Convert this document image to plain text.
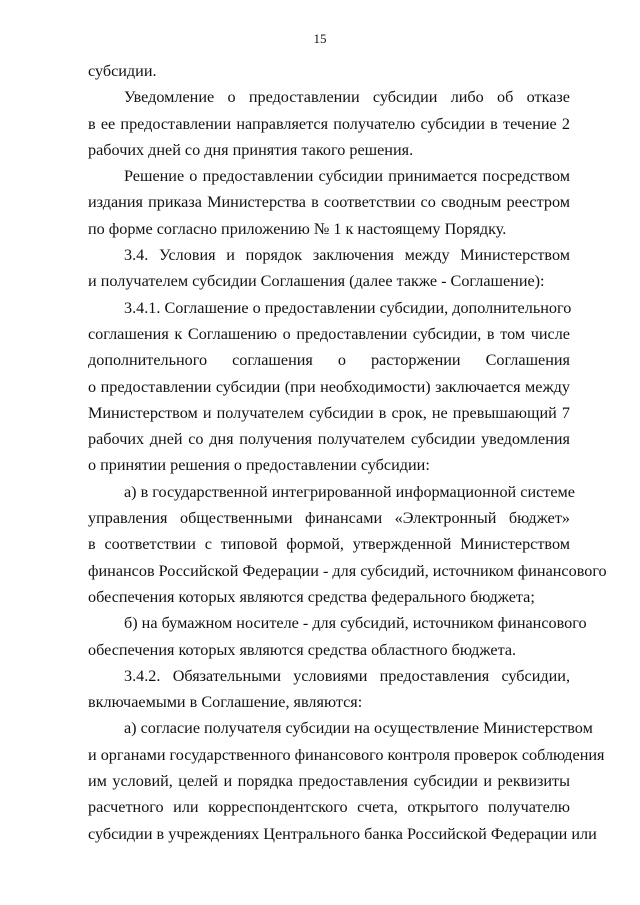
15
субсидии.
Уведомление о предоставлении субсидии либо об отказе
в ее предоставлении направляется получателю субсидии в течение 2
рабочих дней со дня принятия такого решения.
Решение о предоставлении субсидии принимается посредством
издания приказа Министерства в соответствии со сводным реестром
по форме согласно приложению № 1 к настоящему Порядку.
3.4. Условия и порядок заключения между Министерством
и получателем субсидии Соглашения (далее также - Соглашение):
3.4.1. Соглашение о предоставлении субсидии, дополнительного
соглашения к Соглашению о предоставлении субсидии, в том числе
дополнительного соглашения о расторжении Соглашения
о предоставлении субсидии (при необходимости) заключается между
Министерством и получателем субсидии в срок, не превышающий 7
рабочих дней со дня получения получателем субсидии уведомления
о принятии решения о предоставлении субсидии:
а) в государственной интегрированной информационной системе
управления общественными финансами «Электронный бюджет»
в соответствии с типовой формой, утвержденной Министерством
финансов Российской Федерации - для субсидий, источником финансового
обеспечения которых являются средства федерального бюджета;
б) на бумажном носителе - для субсидий, источником финансового
обеспечения которых являются средства областного бюджета.
3.4.2. Обязательными условиями предоставления субсидии,
включаемыми в Соглашение, являются:
а) согласие получателя субсидии на осуществление Министерством
и органами государственного финансового контроля проверок соблюдения
им условий, целей и порядка предоставления субсидии и реквизиты
расчетного или корреспондентского счета, открытого получателю
субсидии в учреждениях Центрального банка Российской Федерации или
